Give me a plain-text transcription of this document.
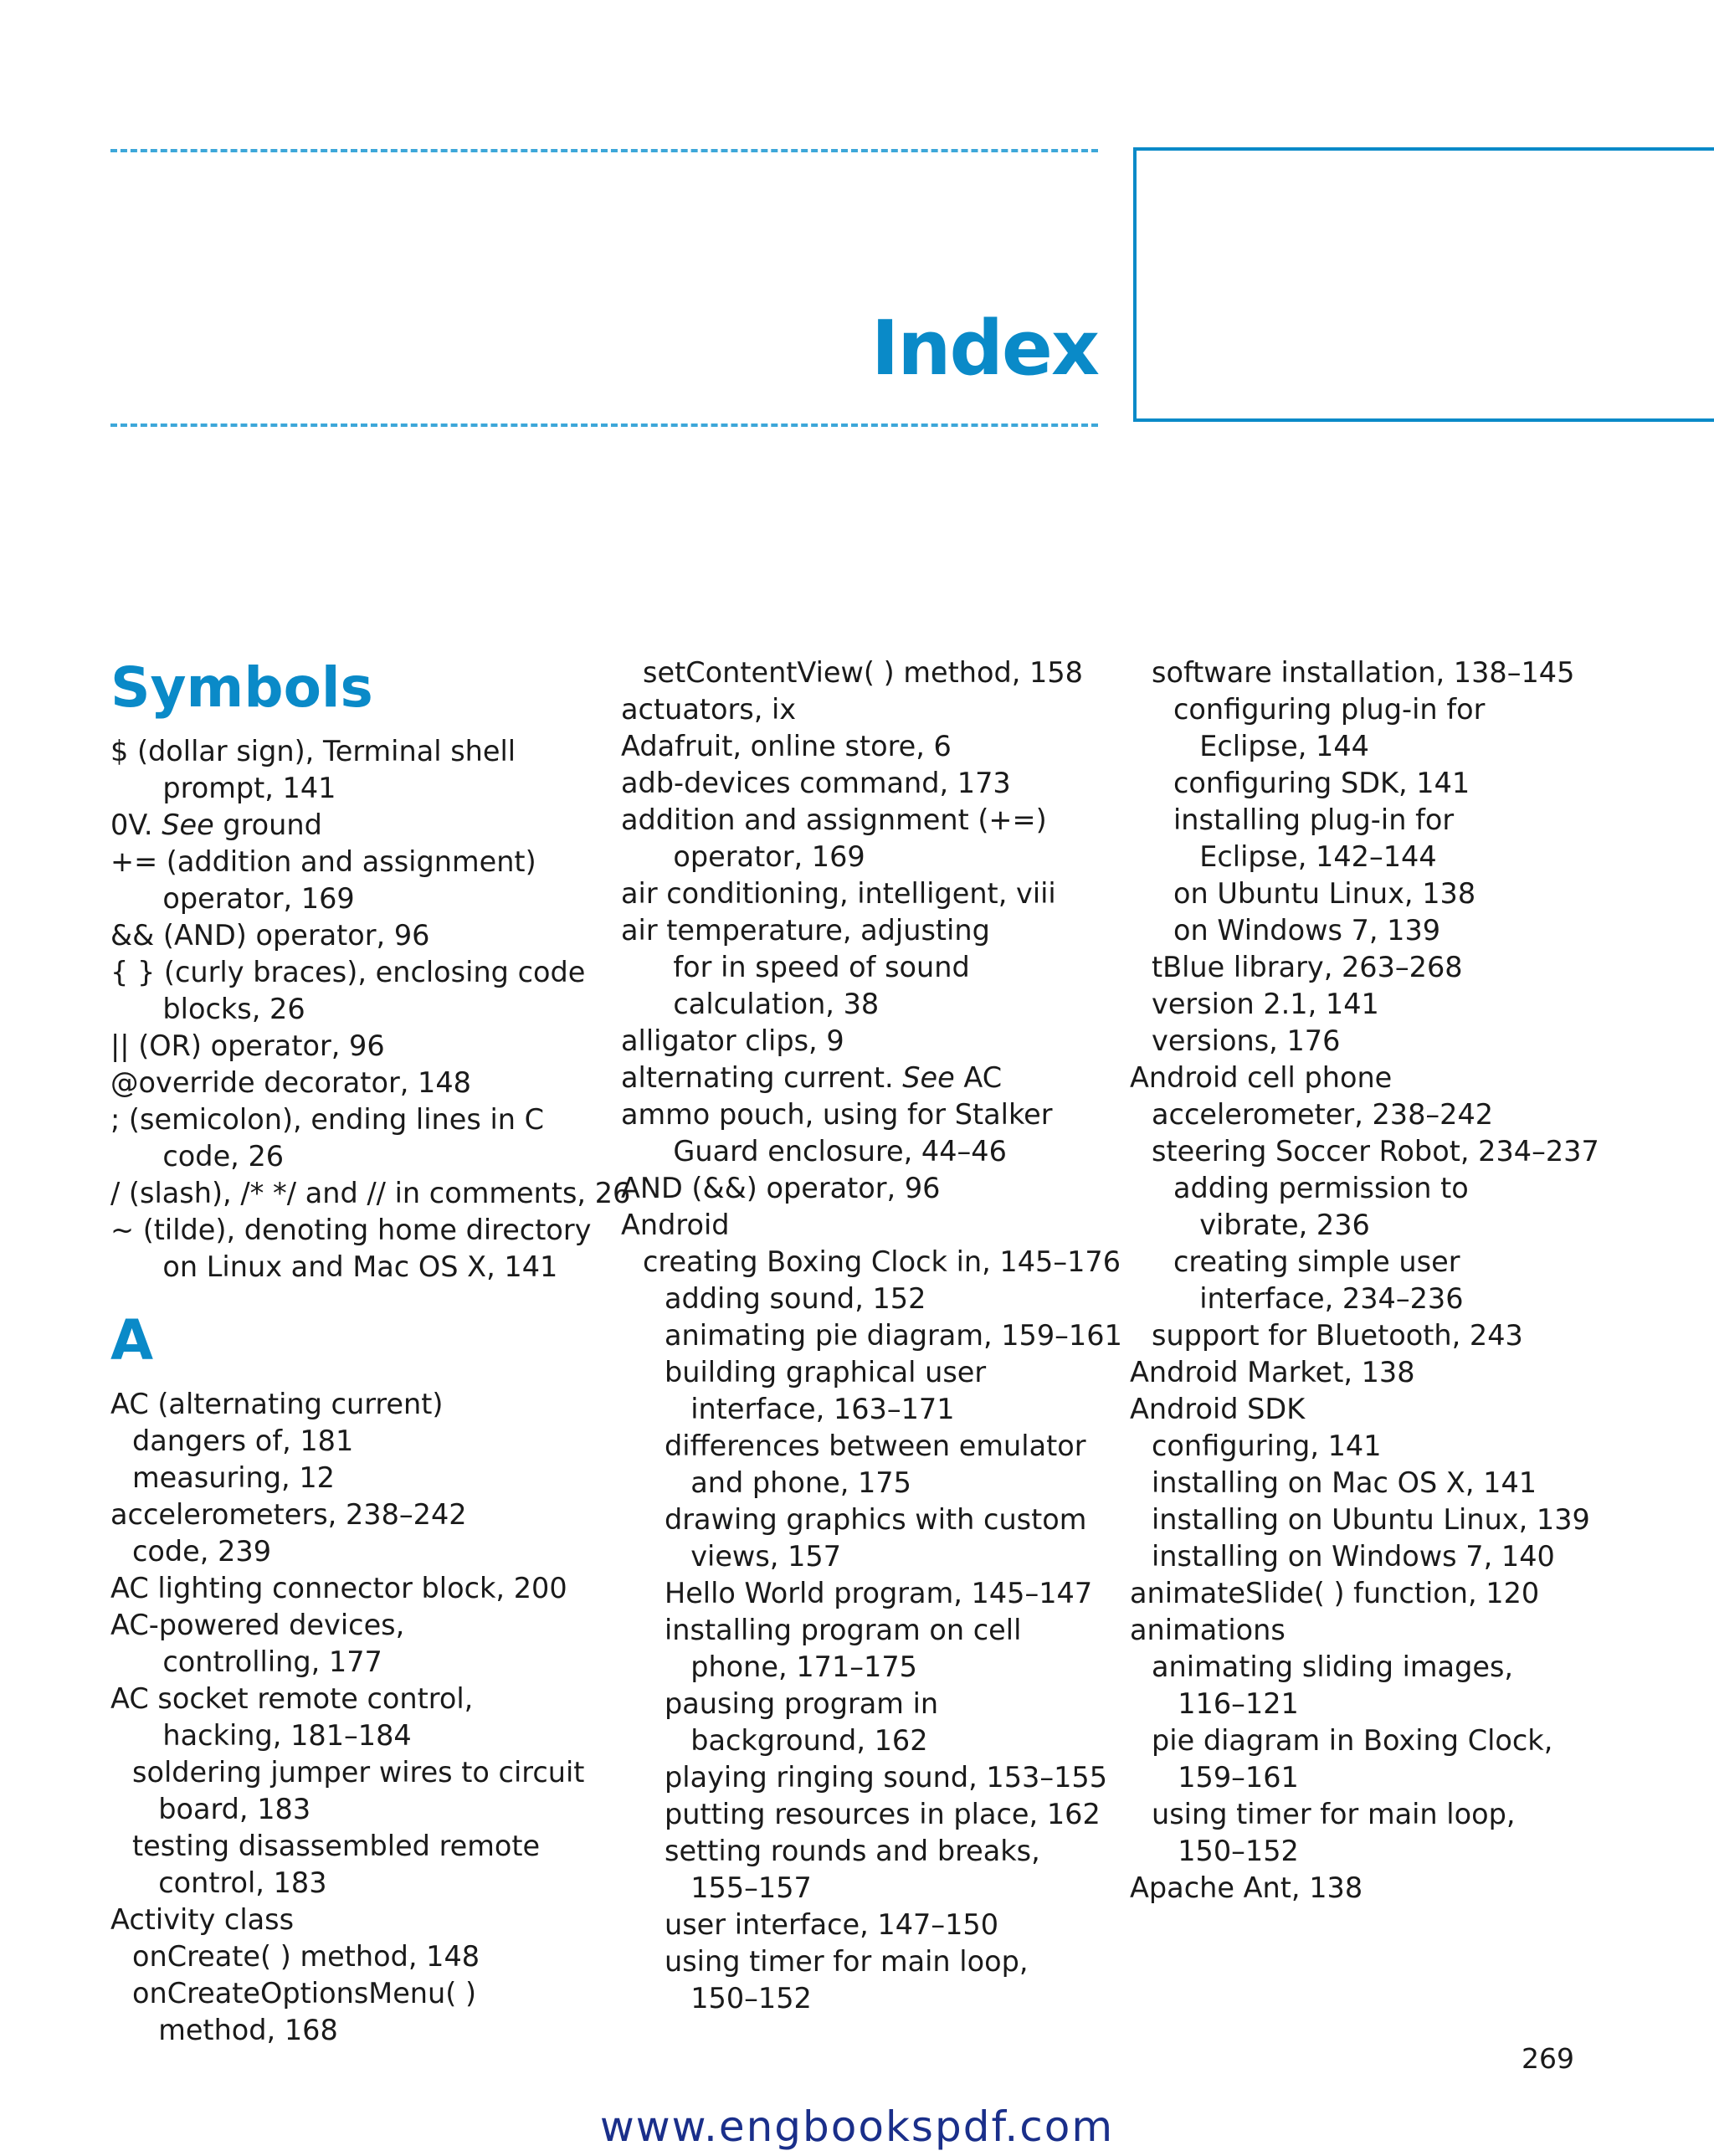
Index
Symbols
$ (dollar sign), Terminal shell
prompt, 141
0V. See ground
+= (addition and assignment)
operator, 169
&& (AND) operator, 96
{ } (curly braces), enclosing code
blocks, 26
|| (OR) operator, 96
@override decorator, 148
; (semicolon), ending lines in C
code, 26
/ (slash), /* */ and // in comments, 26
~ (tilde), denoting home directory
on Linux and Mac OS X, 141
A
AC (alternating current)
dangers of, 181
measuring, 12
accelerometers, 238–242
code, 239
AC lighting connector block, 200
AC-powered devices,
controlling, 177
AC socket remote control,
hacking, 181–184
soldering jumper wires to circuit
board, 183
testing disassembled remote
control, 183
Activity class
onCreate( ) method, 148
onCreateOptionsMenu( )
method, 168
setContentView( ) method, 158
actuators, ix
Adafruit, online store, 6
adb-devices command, 173
addition and assignment (+=)
operator, 169
air conditioning, intelligent, viii
air temperature, adjusting
for in speed of sound
calculation, 38
alligator clips, 9
alternating current. See AC
ammo pouch, using for Stalker
Guard enclosure, 44–46
AND (&&) operator, 96
Android
creating Boxing Clock in, 145–176
adding sound, 152
animating pie diagram, 159–161
building graphical user
interface, 163–171
differences between emulator
and phone, 175
drawing graphics with custom
views, 157
Hello World program, 145–147
installing program on cell
phone, 171–175
pausing program in
background, 162
playing ringing sound, 153–155
putting resources in place, 162
setting rounds and breaks,
155–157
user interface, 147–150
using timer for main loop,
150–152
software installation, 138–145
configuring plug-in for
Eclipse, 144
configuring SDK, 141
installing plug-in for
Eclipse, 142–144
on Ubuntu Linux, 138
on Windows 7, 139
tBlue library, 263–268
version 2.1, 141
versions, 176
Android cell phone
accelerometer, 238–242
steering Soccer Robot, 234–237
adding permission to
vibrate, 236
creating simple user
interface, 234–236
support for Bluetooth, 243
Android Market, 138
Android SDK
configuring, 141
installing on Mac OS X, 141
installing on Ubuntu Linux, 139
installing on Windows 7, 140
animateSlide( ) function, 120
animations
animating sliding images,
116–121
pie diagram in Boxing Clock,
159–161
using timer for main loop,
150–152
Apache Ant, 138
269
www.engbookspdf.com
